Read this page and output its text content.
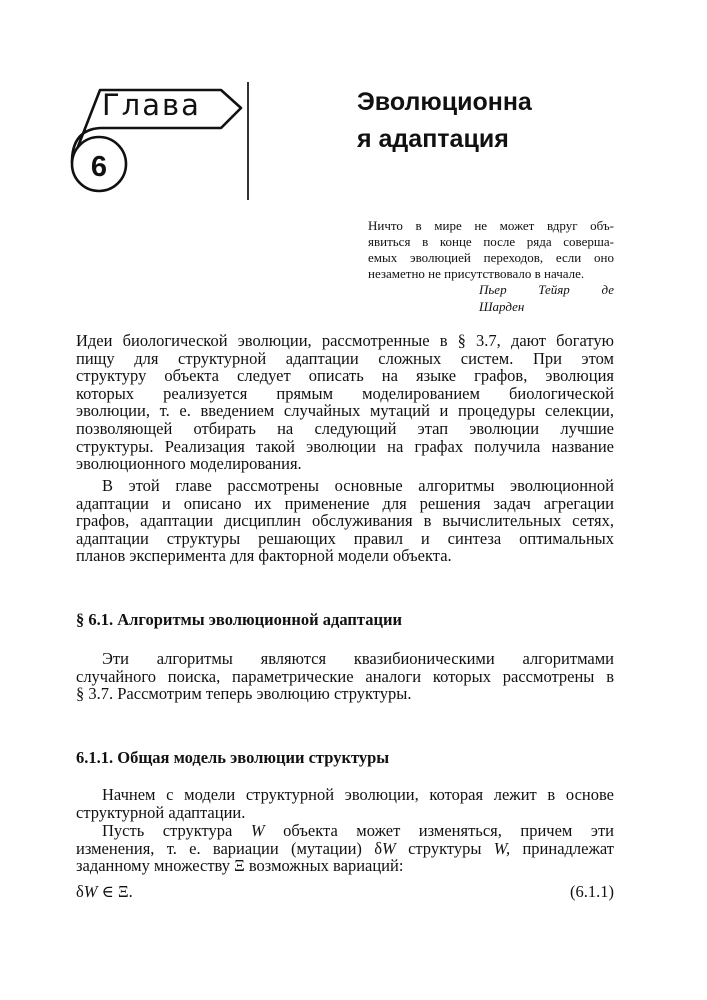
Глава
6
Эволюционна
я адаптация
Ничто в мире не может вдруг объ-
явиться в конце после ряда соверша-
емых эволюцией переходов, если оно
незаметно не присутствовало в начале.
Пьер Тейяр де
Шарден
Идеи биологической эволюции, рассмотренные в § 3.7, дают богатую
пищу для структурной адаптации сложных систем. При этом
структуру объекта следует описать на языке графов, эволюция
которых реализуется прямым моделированием биологической
эволюции, т. е. введением случайных мутаций и процедуры селекции,
позволяющей отбирать на следующий этап эволюции лучшие
структуры. Реализация такой эволюции на графах получила название
эволюционного моделирования.
В этой главе рассмотрены основные алгоритмы эволюционной
адаптации и описано их применение для решения задач агрегации
графов, адаптации дисциплин обслуживания в вычислительных сетях,
адаптации структуры решающих правил и синтеза оптимальных
планов эксперимента для факторной модели объекта.
§ 6.1. Алгоритмы эволюционной адаптации
Эти алгоритмы являются квазибионическими алгоритмами
случайного поиска, параметрические аналоги которых рассмотрены в
§ 3.7. Рассмотрим теперь эволюцию структуры.
6.1.1. Общая модель эволюции структуры
Начнем с модели структурной эволюции, которая лежит в основе
структурной адаптации.
Пусть структура W объекта может изменяться, причем эти
изменения, т. е. вариации (мутации) δW структуры W, принадлежат
заданному множеству Ξ возможных вариаций:
δW ∈ Ξ.	(6.1.1)
